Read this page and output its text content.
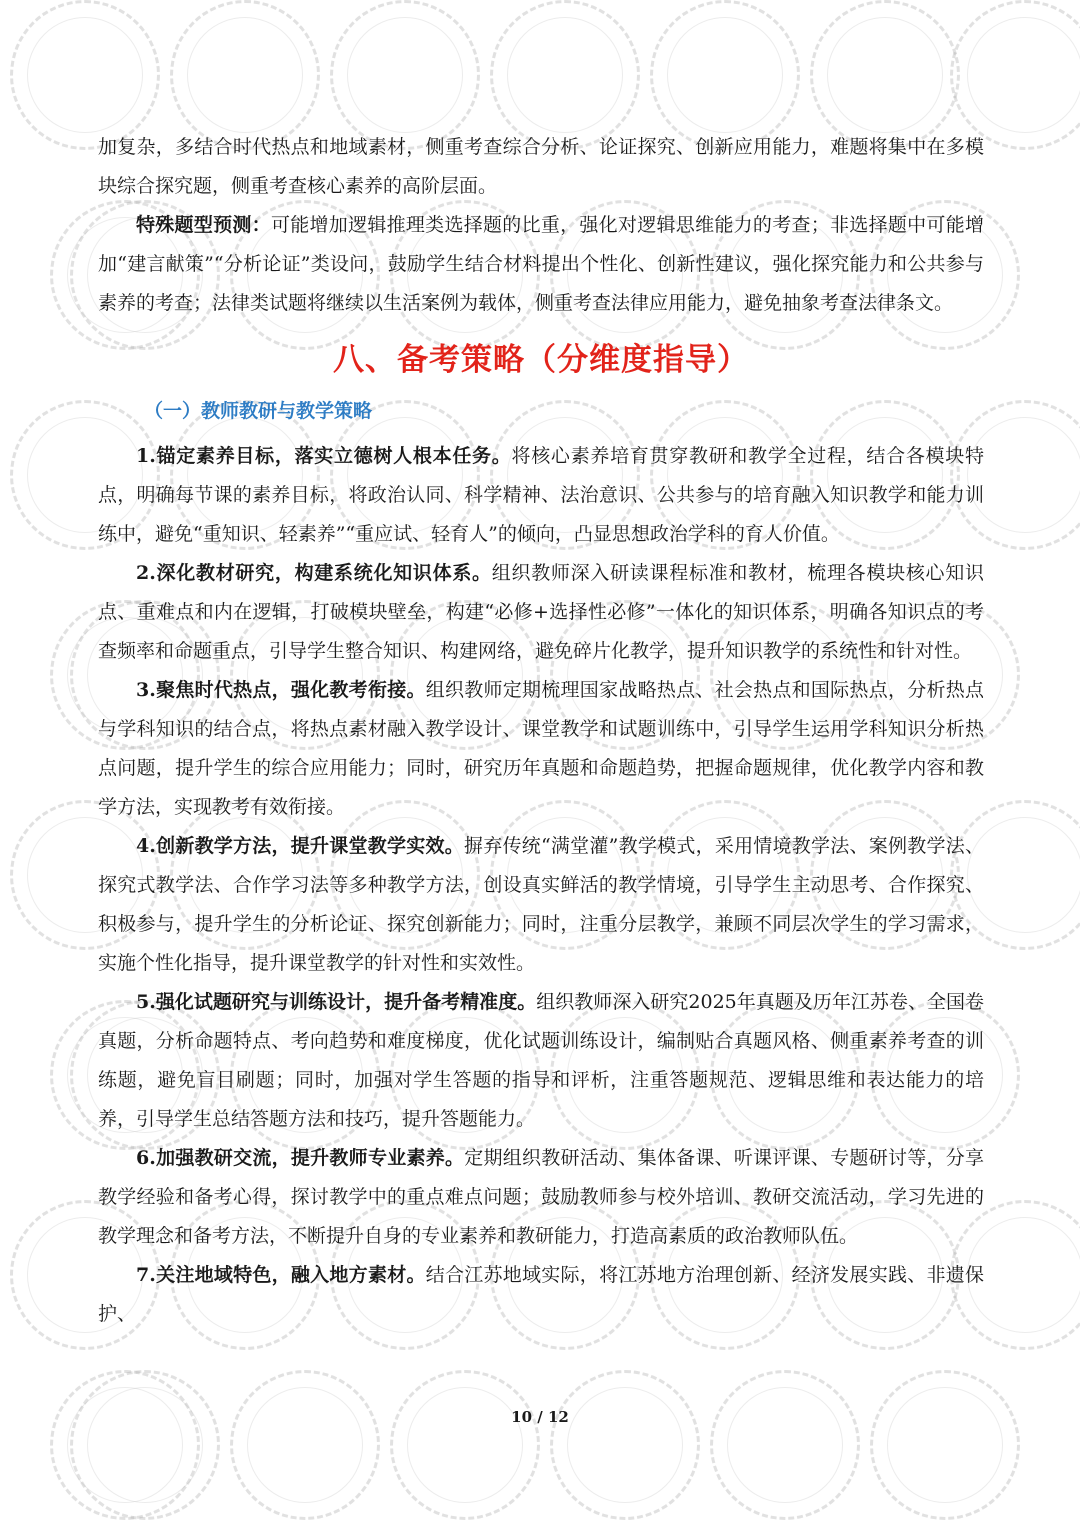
加复杂，多结合时代热点和地域素材，侧重考查综合分析、论证探究、创新应用能力，难题将集中在多模块综合探究题，侧重考查核心素养的高阶层面。

特殊题型预测：可能增加逻辑推理类选择题的比重，强化对逻辑思维能力的考查；非选择题中可能增加“建言献策”“分析论证”类设问，鼓励学生结合材料提出个性化、创新性建议，强化探究能力和公共参与素养的考查；法律类试题将继续以生活案例为载体，侧重考查法律应用能力，避免抽象考查法律条文。

八、备考策略（分维度指导）
（一）教师教研与教学策略

1.锚定素养目标，落实立德树人根本任务。将核心素养培育贯穿教研和教学全过程，结合各模块特点，明确每节课的素养目标，将政治认同、科学精神、法治意识、公共参与的培育融入知识教学和能力训练中，避免“重知识、轻素养”“重应试、轻育人”的倾向，凸显思想政治学科的育人价值。

2.深化教材研究，构建系统化知识体系。组织教师深入研读课程标准和教材，梳理各模块核心知识点、重难点和内在逻辑，打破模块壁垒，构建“必修+选择性必修”一体化的知识体系，明确各知识点的考查频率和命题重点，引导学生整合知识、构建网络，避免碎片化教学，提升知识教学的系统性和针对性。

3.聚焦时代热点，强化教考衔接。组织教师定期梳理国家战略热点、社会热点和国际热点，分析热点与学科知识的结合点，将热点素材融入教学设计、课堂教学和试题训练中，引导学生运用学科知识分析热点问题，提升学生的综合应用能力；同时，研究历年真题和命题趋势，把握命题规律，优化教学内容和教学方法，实现教考有效衔接。

4.创新教学方法，提升课堂教学实效。摒弃传统“满堂灌”教学模式，采用情境教学法、案例教学法、探究式教学法、合作学习法等多种教学方法，创设真实鲜活的教学情境，引导学生主动思考、合作探究、积极参与，提升学生的分析论证、探究创新能力；同时，注重分层教学，兼顾不同层次学生的学习需求，实施个性化指导，提升课堂教学的针对性和实效性。

5.强化试题研究与训练设计，提升备考精准度。组织教师深入研究2025年真题及历年江苏卷、全国卷真题，分析命题特点、考向趋势和难度梯度，优化试题训练设计，编制贴合真题风格、侧重素养考查的训练题，避免盲目刷题；同时，加强对学生答题的指导和评析，注重答题规范、逻辑思维和表达能力的培养，引导学生总结答题方法和技巧，提升答题能力。

6.加强教研交流，提升教师专业素养。定期组织教研活动、集体备课、听课评课、专题研讨等，分享教学经验和备考心得，探讨教学中的重点难点问题；鼓励教师参与校外培训、教研交流活动，学习先进的教学理念和备考方法，不断提升自身的专业素养和教研能力，打造高素质的政治教师队伍。

7.关注地域特色，融入地方素材。结合江苏地域实际，将江苏地方治理创新、经济发展实践、非遗保护、

10 / 12
